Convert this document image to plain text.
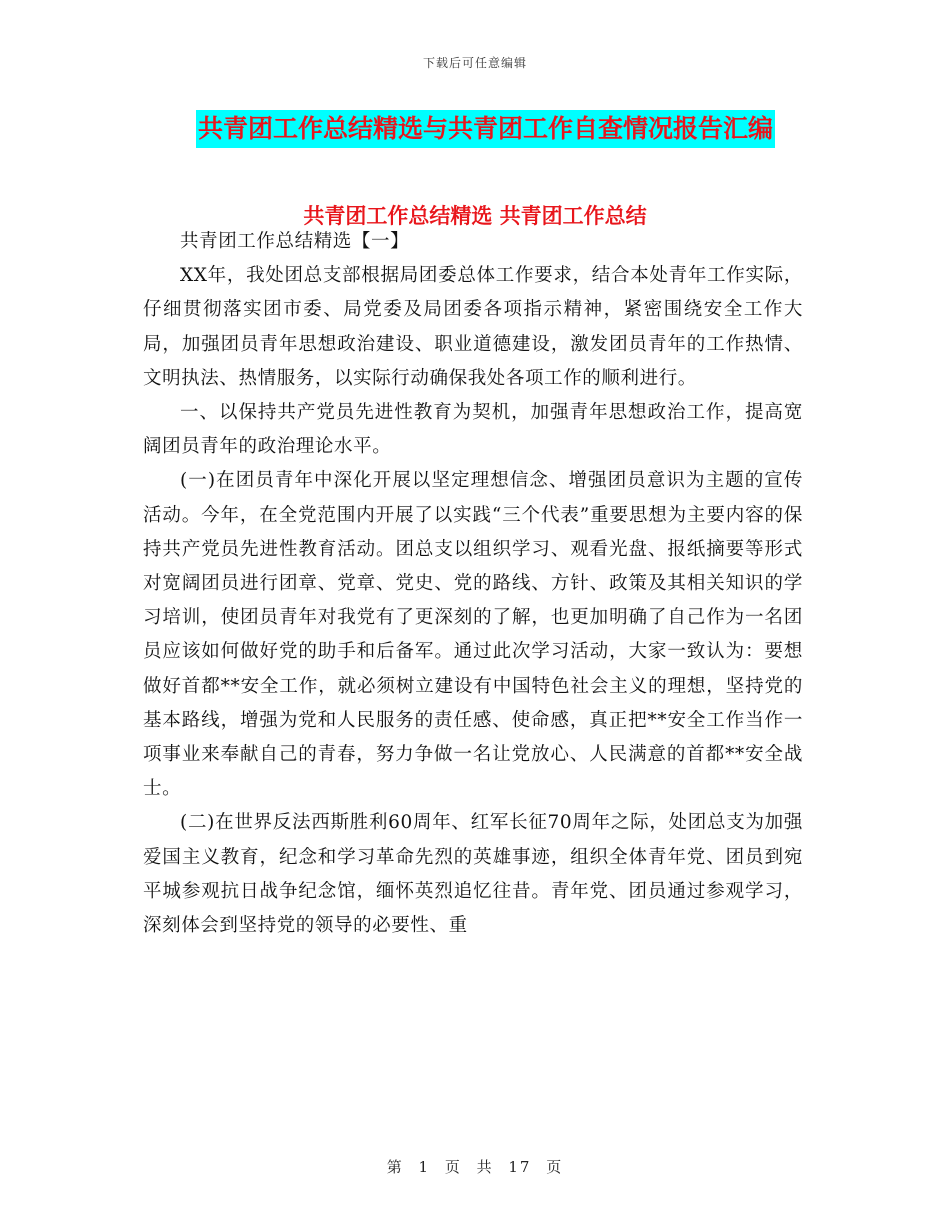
下载后可任意编辑
共青团工作总结精选与共青团工作自查情况报告汇编
共青团工作总结精选 共青团工作总结

共青团工作总结精选【一】

XX年，我处团总支部根据局团委总体工作要求，结合本处青年工作实际，仔细贯彻落实团市委、局党委及局团委各项指示精神，紧密围绕安全工作大局，加强团员青年思想政治建设、职业道德建设，激发团员青年的工作热情、文明执法、热情服务，以实际行动确保我处各项工作的顺利进行。

一、以保持共产党员先进性教育为契机，加强青年思想政治工作，提高宽阔团员青年的政治理论水平。

(一)在团员青年中深化开展以坚定理想信念、增强团员意识为主题的宣传活动。今年，在全党范围内开展了以实践“三个代表”重要思想为主要内容的保持共产党员先进性教育活动。团总支以组织学习、观看光盘、报纸摘要等形式对宽阔团员进行团章、党章、党史、党的路线、方针、政策及其相关知识的学习培训，使团员青年对我党有了更深刻的了解，也更加明确了自己作为一名团员应该如何做好党的助手和后备军。通过此次学习活动，大家一致认为：要想做好首都**安全工作，就必须树立建设有中国特色社会主义的理想，坚持党的基本路线，增强为党和人民服务的责任感、使命感，真正把**安全工作当作一项事业来奉献自己的青春，努力争做一名让党放心、人民满意的首都**安全战士。

(二)在世界反法西斯胜利60周年、红军长征70周年之际，处团总支为加强爱国主义教育，纪念和学习革命先烈的英雄事迹，组织全体青年党、团员到宛平城参观抗日战争纪念馆，缅怀英烈追忆往昔。青年党、团员通过参观学习，深刻体会到坚持党的领导的必要性、重

第 1 页 共 17 页
